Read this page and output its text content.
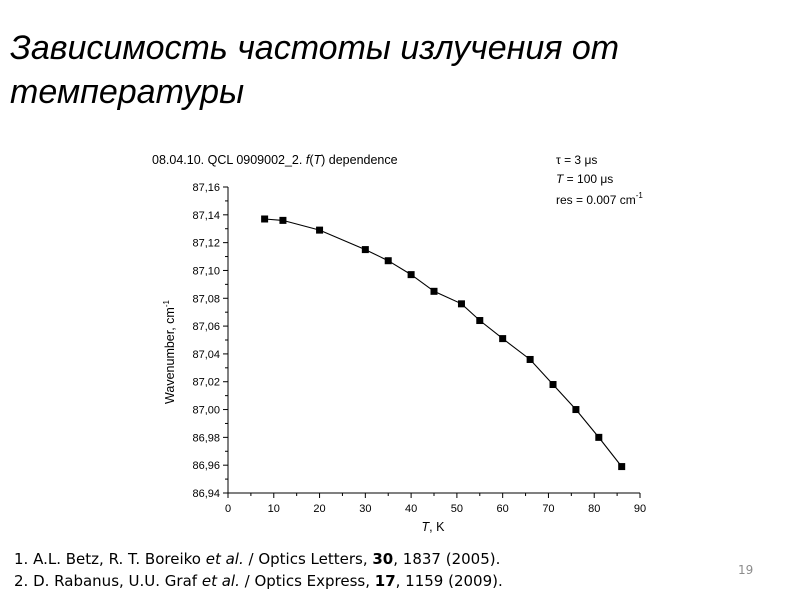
Зависимость частоты излучения от температуры
08.04.10. QCL 0909002_2. f(T) dependence
86,94
86,96
86,98
87,00
87,02
87,04
87,06
87,08
87,10
87,12
87,14
87,16
0	10	20	30	40	50	60	70	80	90
Wavenumber, $cm^{-1}$
T, K
τ = 3 μs
T = 100 μs
res = 0.007 $cm^{-1}$
1. A.L. Betz, R. T. Boreiko et al. / Optics Letters, 30, 1837 (2005).
2. D. Rabanus, U.U. Graf et al. / Optics Express, 17, 1159 (2009).
19
